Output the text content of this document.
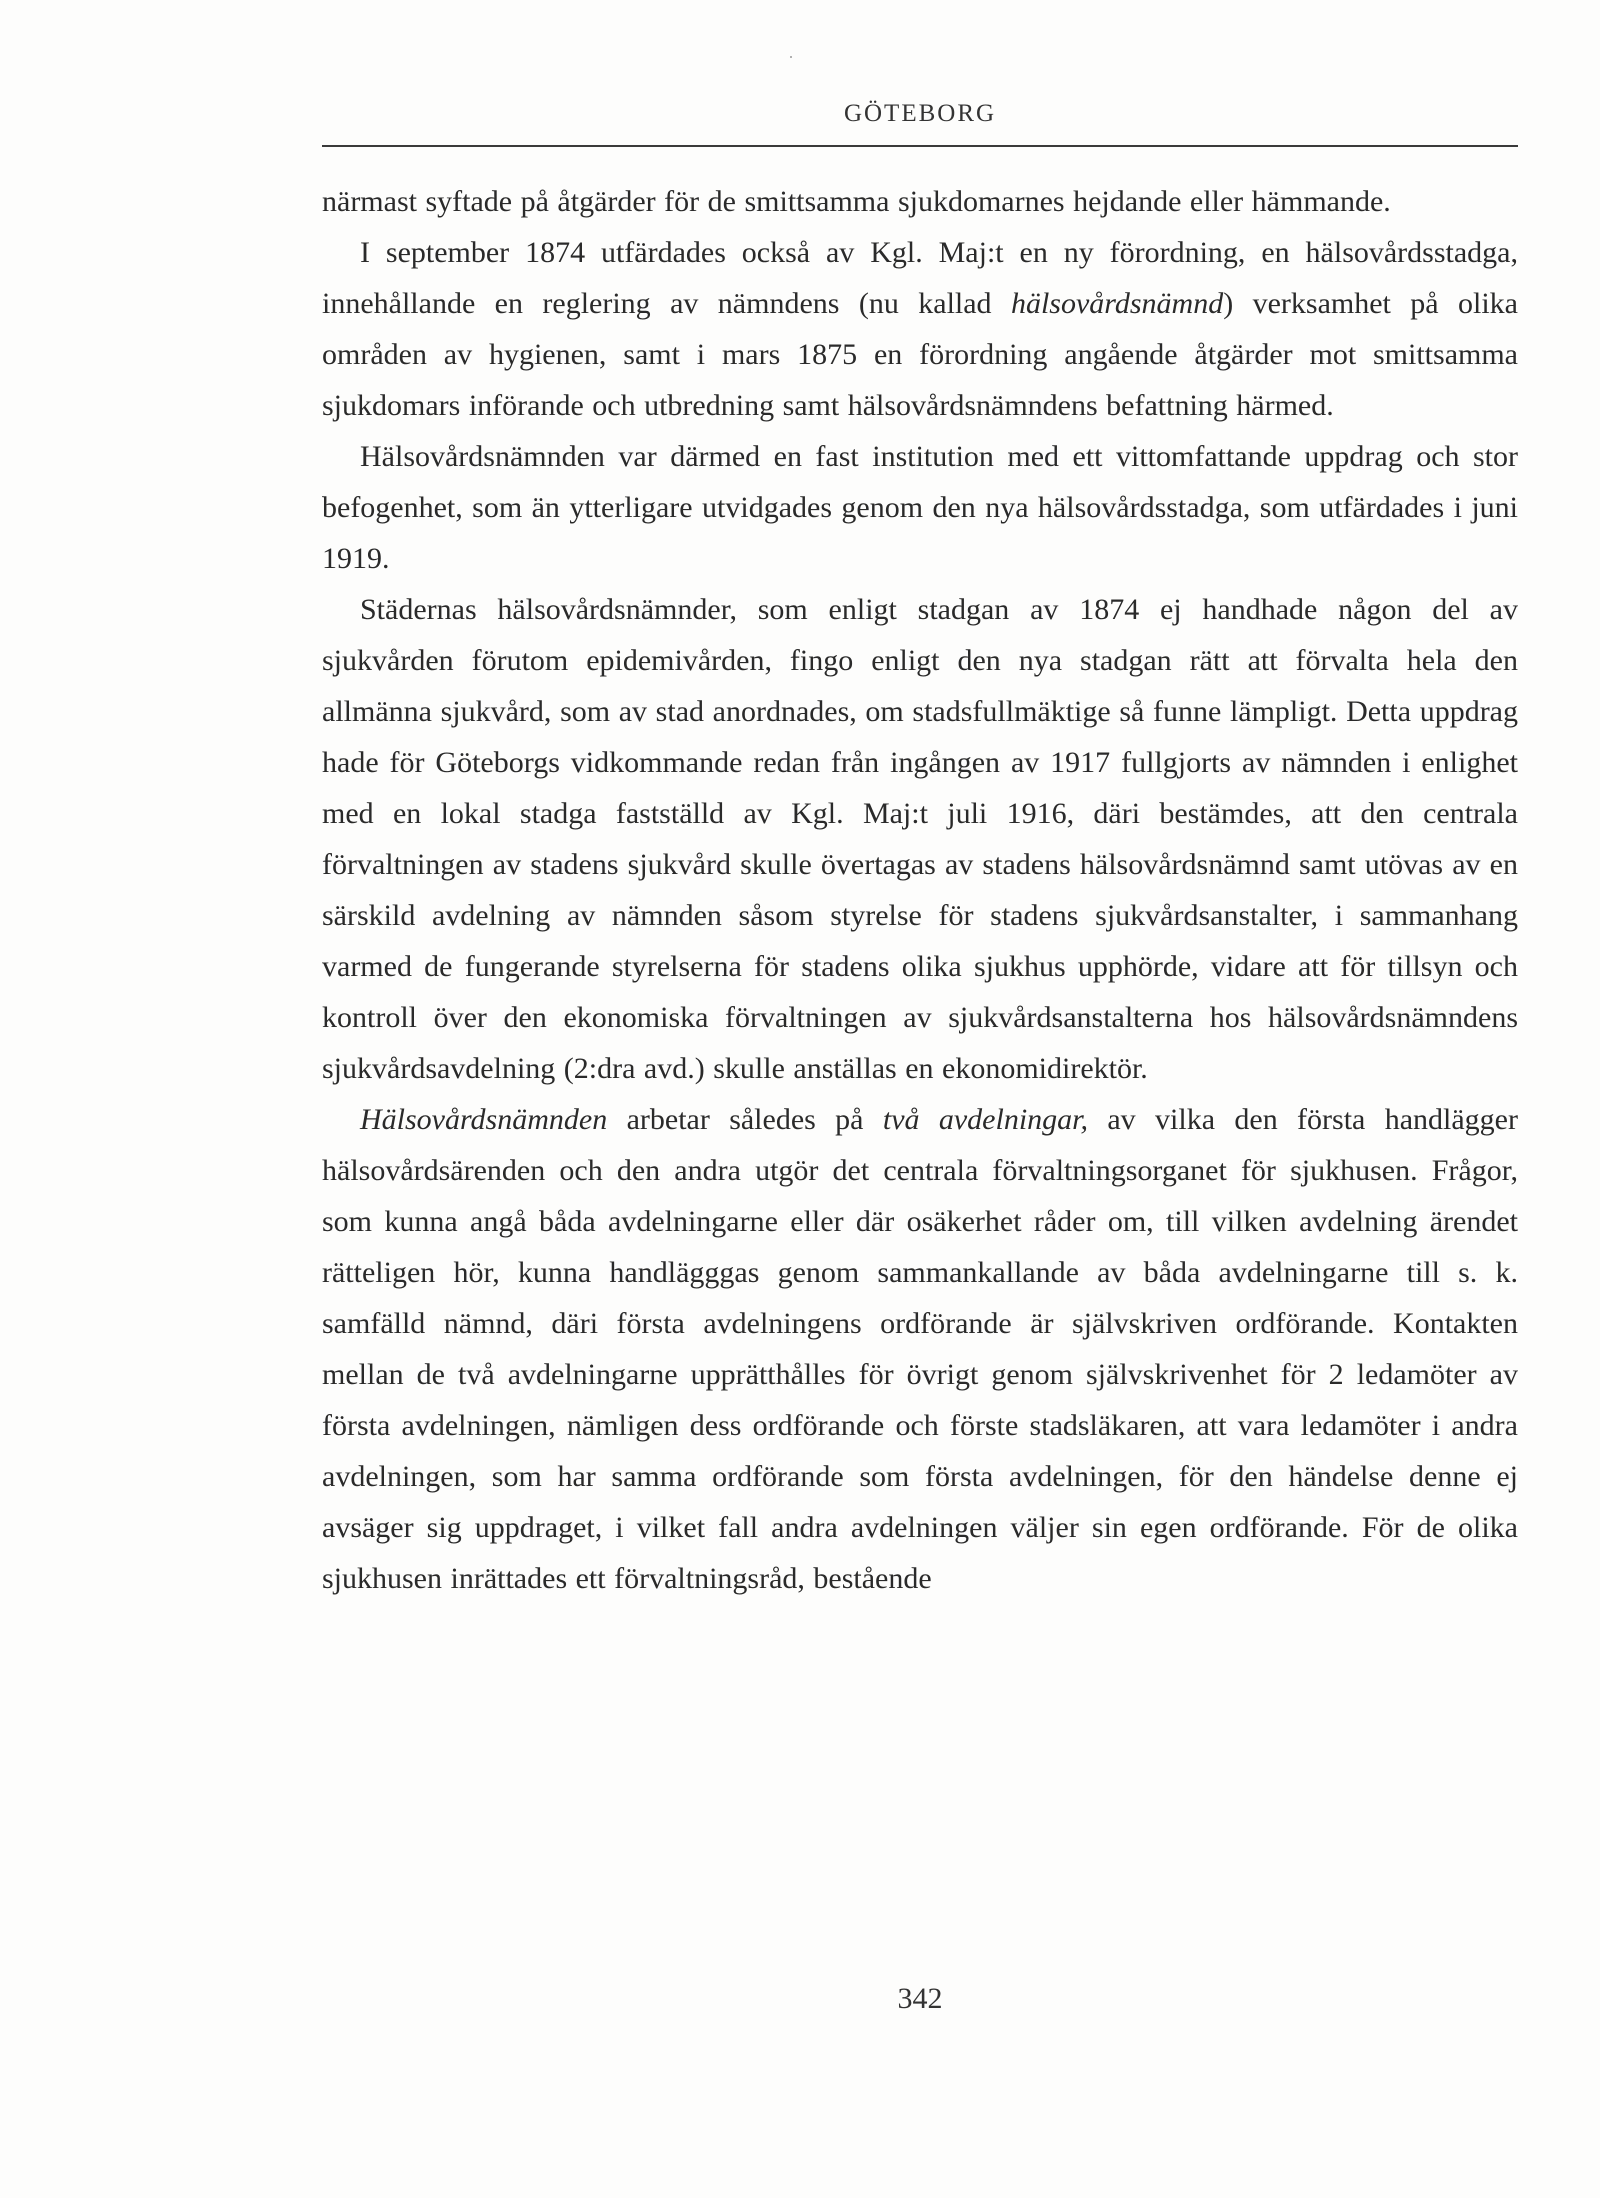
GÖTEBORG

närmast syftade på åtgärder för de smittsamma sjukdomarnes hejdande eller hämmande.

I september 1874 utfärdades också av Kgl. Maj:t en ny förordning, en hälsovårdsstadga, innehållande en reglering av nämndens (nu kallad hälsovårdsnämnd) verksamhet på olika områden av hygienen, samt i mars 1875 en förordning angående åtgärder mot smittsamma sjukdomars införande och utbredning samt hälsovårdsnämndens befattning härmed.

Hälsovårdsnämnden var därmed en fast institution med ett vittomfattande uppdrag och stor befogenhet, som än ytterligare utvidgades genom den nya hälsovårdsstadga, som utfärdades i juni 1919.

Städernas hälsovårdsnämnder, som enligt stadgan av 1874 ej handhade någon del av sjukvården förutom epidemivården, fingo enligt den nya stadgan rätt att förvalta hela den allmänna sjukvård, som av stad anordnades, om stadsfullmäktige så funne lämpligt. Detta uppdrag hade för Göteborgs vidkommande redan från ingången av 1917 fullgjorts av nämnden i enlighet med en lokal stadga fastställd av Kgl. Maj:t juli 1916, däri bestämdes, att den centrala förvaltningen av stadens sjukvård skulle övertagas av stadens hälsovårdsnämnd samt utövas av en särskild avdelning av nämnden såsom styrelse för stadens sjukvårdsanstalter, i sammanhang varmed de fungerande styrelserna för stadens olika sjukhus upphörde, vidare att för tillsyn och kontroll över den ekonomiska förvaltningen av sjukvårdsanstalterna hos hälsovårdsnämndens sjukvårdsavdelning (2:dra avd.) skulle anställas en ekonomidirektör.

Hälsovårdsnämnden arbetar således på två avdelningar, av vilka den första handlägger hälsovårdsärenden och den andra utgör det centrala förvaltningsorganet för sjukhusen. Frågor, som kunna angå båda avdelningarne eller där osäkerhet råder om, till vilken avdelning ärendet rätteligen hör, kunna handlägggas genom sammankallande av båda avdelningarne till s. k. samfälld nämnd, däri första avdelningens ordförande är självskriven ordförande. Kontakten mellan de två avdelningarne upprätthålles för övrigt genom självskrivenhet för 2 ledamöter av första avdelningen, nämligen dess ordförande och förste stadsläkaren, att vara ledamöter i andra avdelningen, som har samma ordförande som första avdelningen, för den händelse denne ej avsäger sig uppdraget, i vilket fall andra avdelningen väljer sin egen ordförande. För de olika sjukhusen inrättades ett förvaltningsråd, bestående

342
